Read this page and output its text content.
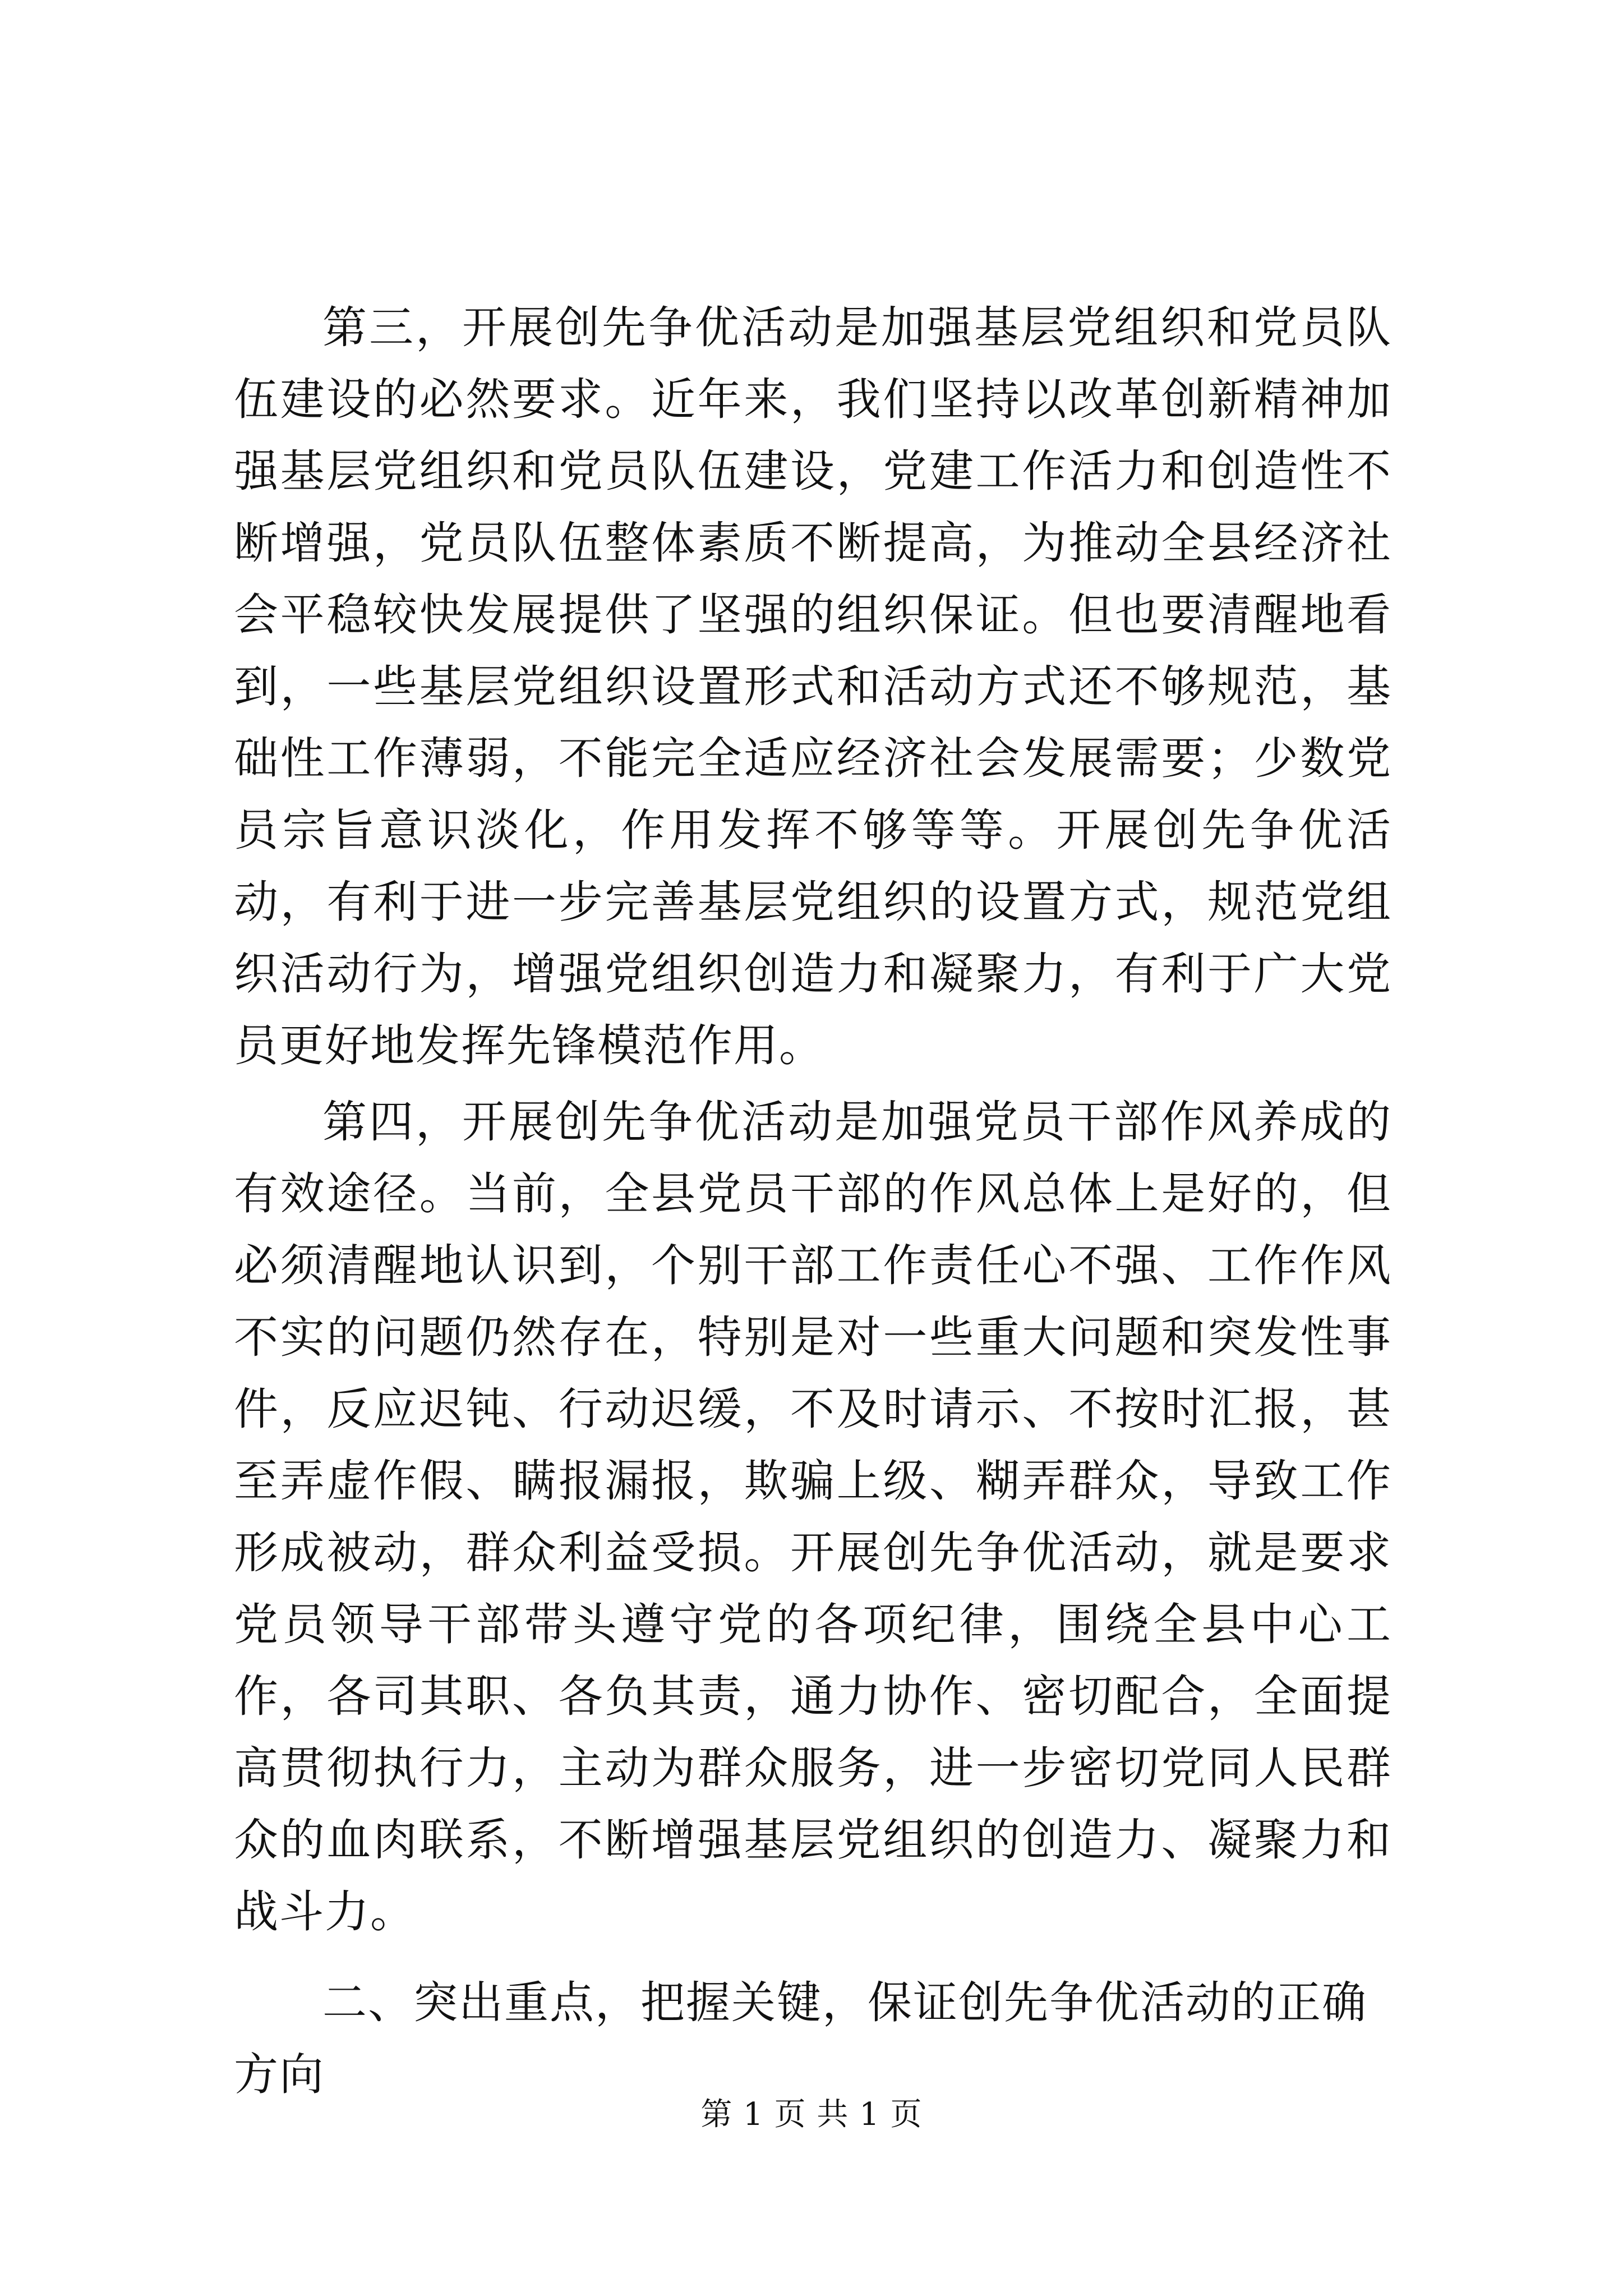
第三，开展创先争优活动是加强基层党组织和党员队伍建设的必然要求。近年来，我们坚持以改革创新精神加强基层党组织和党员队伍建设，党建工作活力和创造性不断增强，党员队伍整体素质不断提高，为推动全县经济社会平稳较快发展提供了坚强的组织保证。但也要清醒地看到，一些基层党组织设置形式和活动方式还不够规范，基础性工作薄弱，不能完全适应经济社会发展需要；少数党员宗旨意识淡化，作用发挥不够等等。开展创先争优活动，有利于进一步完善基层党组织的设置方式，规范党组织活动行为，增强党组织创造力和凝聚力，有利于广大党员更好地发挥先锋模范作用。

第四，开展创先争优活动是加强党员干部作风养成的有效途径。当前，全县党员干部的作风总体上是好的，但必须清醒地认识到，个别干部工作责任心不强、工作作风不实的问题仍然存在，特别是对一些重大问题和突发性事件，反应迟钝、行动迟缓，不及时请示、不按时汇报，甚至弄虚作假、瞒报漏报，欺骗上级、糊弄群众，导致工作形成被动，群众利益受损。开展创先争优活动，就是要求党员领导干部带头遵守党的各项纪律，围绕全县中心工作，各司其职、各负其责，通力协作、密切配合，全面提高贯彻执行力，主动为群众服务，进一步密切党同人民群众的血肉联系，不断增强基层党组织的创造力、凝聚力和战斗力。

二、突出重点，把握关键，保证创先争优活动的正确方向

第 1 页 共 1 页
